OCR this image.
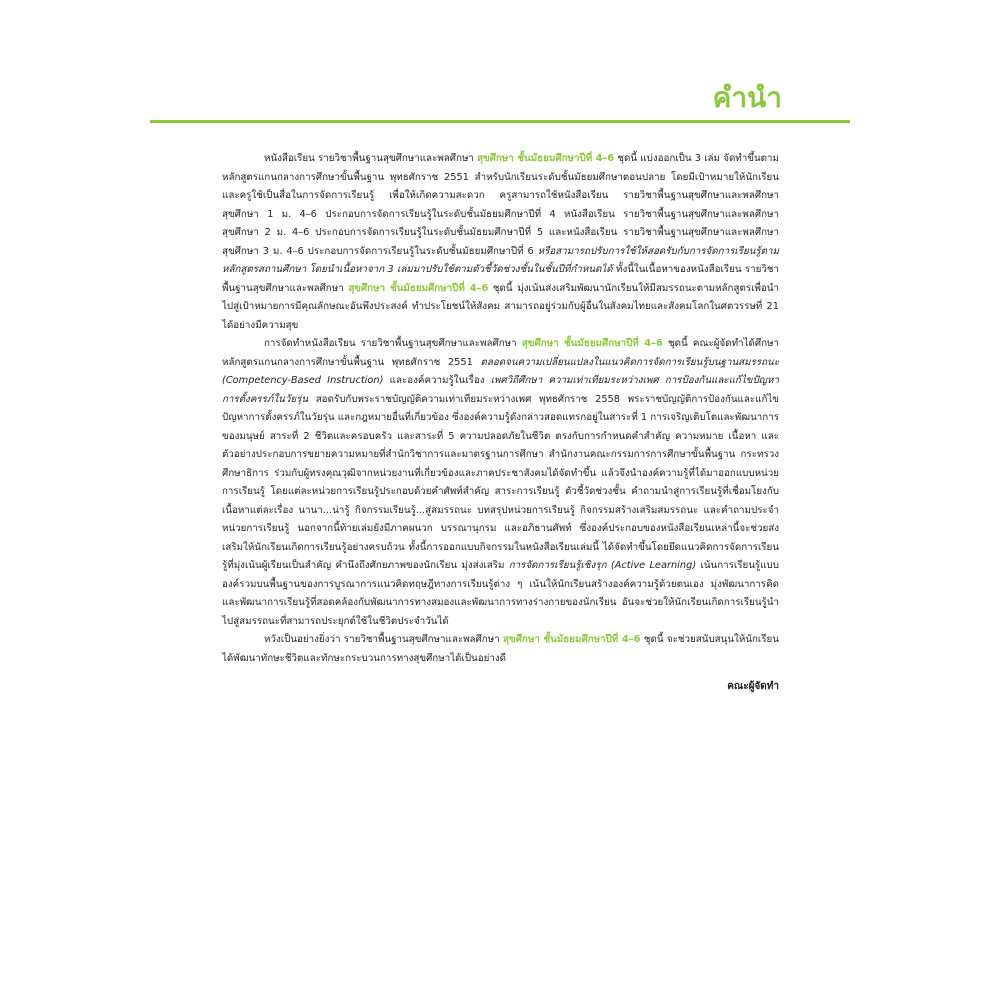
คำนำ

หนังสือเรียน รายวิชาพื้นฐานสุขศึกษาและพลศึกษา สุขศึกษา ชั้นมัธยมศึกษาปีที่ 4–6 ชุดนี้ แบ่งออกเป็น 3 เล่ม จัดทำขึ้นตามหลักสูตรแกนกลางการศึกษาขั้นพื้นฐาน พุทธศักราช 2551 สำหรับนักเรียนระดับชั้นมัธยมศึกษาตอนปลาย โดยมีเป้าหมายให้นักเรียนและครูใช้เป็นสื่อในการจัดการเรียนรู้ เพื่อให้เกิดความสะดวก ครูสามารถใช้หนังสือเรียน รายวิชาพื้นฐานสุขศึกษาและพลศึกษา สุขศึกษา 1 ม. 4–6 ประกอบการจัดการเรียนรู้ในระดับชั้นมัธยมศึกษาปีที่ 4 หนังสือเรียน รายวิชาพื้นฐานสุขศึกษาและพลศึกษา สุขศึกษา 2 ม. 4–6 ประกอบการจัดการเรียนรู้ในระดับชั้นมัธยมศึกษาปีที่ 5 และหนังสือเรียน รายวิชาพื้นฐานสุขศึกษาและพลศึกษา สุขศึกษา 3 ม. 4–6 ประกอบการจัดการเรียนรู้ในระดับชั้นมัธยมศึกษาปีที่ 6 หรือสามารถปรับการใช้ให้สอดรับกับการจัดการเรียนรู้ตามหลักสูตรสถานศึกษา โดยนำเนื้อหาจาก 3 เล่มมาปรับใช้ตามตัวชี้วัดช่วงชั้นในชั้นปีที่กำหนดได้ ทั้งนี้ในเนื้อหาของหนังสือเรียน รายวิชาพื้นฐานสุขศึกษาและพลศึกษา สุขศึกษา ชั้นมัธยมศึกษาปีที่ 4–6 ชุดนี้ มุ่งเน้นส่งเสริมพัฒนานักเรียนให้มีสมรรถนะตามหลักสูตรเพื่อนำไปสู่เป้าหมายการมีคุณลักษณะอันพึงประสงค์ ทำประโยชน์ให้สังคม สามารถอยู่ร่วมกับผู้อื่นในสังคมไทยและสังคมโลกในศตวรรษที่ 21 ได้อย่างมีความสุข

การจัดทำหนังสือเรียน รายวิชาพื้นฐานสุขศึกษาและพลศึกษา สุขศึกษา ชั้นมัธยมศึกษาปีที่ 4–6 ชุดนี้ คณะผู้จัดทำได้ศึกษาหลักสูตรแกนกลางการศึกษาขั้นพื้นฐาน พุทธศักราช 2551 ตลอดจนความเปลี่ยนแปลงในแนวคิดการจัดการเรียนรู้บนฐานสมรรถนะ (Competency-Based Instruction) และองค์ความรู้ในเรื่อง เพศวิถีศึกษา ความเท่าเทียมระหว่างเพศ การป้องกันและแก้ไขปัญหาการตั้งครรภ์ในวัยรุ่น สอดรับกับพระราชบัญญัติความเท่าเทียมระหว่างเพศ พุทธศักราช 2558 พระราชบัญญัติการป้องกันและแก้ไขปัญหาการตั้งครรภ์ในวัยรุ่น และกฎหมายอื่นที่เกี่ยวข้อง ซึ่งองค์ความรู้ดังกล่าวสอดแทรกอยู่ในสาระที่ 1 การเจริญเติบโตและพัฒนาการของมนุษย์ สาระที่ 2 ชีวิตและครอบครัว และสาระที่ 5 ความปลอดภัยในชีวิต ตรงกับการกำหนดคำสำคัญ ความหมาย เนื้อหา และตัวอย่างประกอบการขยายความหมายที่สำนักวิชาการและมาตรฐานการศึกษา สำนักงานคณะกรรมการการศึกษาขั้นพื้นฐาน กระทรวงศึกษาธิการ ร่วมกับผู้ทรงคุณวุฒิจากหน่วยงานที่เกี่ยวข้องและภาคประชาสังคมได้จัดทำขึ้น แล้วจึงนำองค์ความรู้ที่ได้มาออกแบบหน่วยการเรียนรู้ โดยแต่ละหน่วยการเรียนรู้ประกอบด้วยคำศัพท์สำคัญ สาระการเรียนรู้ ตัวชี้วัดช่วงชั้น คำถามนำสู่การเรียนรู้ที่เชื่อมโยงกับเนื้อหาแต่ละเรื่อง นานา...น่ารู้ กิจกรรมเรียนรู้...สู่สมรรถนะ บทสรุปหน่วยการเรียนรู้ กิจกรรมสร้างเสริมสมรรถนะ และคำถามประจำหน่วยการเรียนรู้ นอกจากนี้ท้ายเล่มยังมีภาคผนวก บรรณานุกรม และอภิธานศัพท์ ซึ่งองค์ประกอบของหนังสือเรียนเหล่านี้จะช่วยส่งเสริมให้นักเรียนเกิดการเรียนรู้อย่างครบถ้วน ทั้งนี้การออกแบบกิจกรรมในหนังสือเรียนเล่มนี้ ได้จัดทำขึ้นโดยยึดแนวคิดการจัดการเรียนรู้ที่มุ่งเน้นผู้เรียนเป็นสำคัญ คำนึงถึงศักยภาพของนักเรียน มุ่งส่งเสริม การจัดการเรียนรู้เชิงรุก (Active Learning) เน้นการเรียนรู้แบบองค์รวมบนพื้นฐานของการบูรณาการแนวคิดทฤษฎีทางการเรียนรู้ต่าง ๆ เน้นให้นักเรียนสร้างองค์ความรู้ด้วยตนเอง มุ่งพัฒนาการคิด และพัฒนาการเรียนรู้ที่สอดคล้องกับพัฒนาการทางสมองและพัฒนาการทางร่างกายของนักเรียน อันจะช่วยให้นักเรียนเกิดการเรียนรู้นำไปสู่สมรรถนะที่สามารถประยุกต์ใช้ในชีวิตประจำวันได้

หวังเป็นอย่างยิ่งว่า รายวิชาพื้นฐานสุขศึกษาและพลศึกษา สุขศึกษา ชั้นมัธยมศึกษาปีที่ 4–6 ชุดนี้ จะช่วยสนับสนุนให้นักเรียนได้พัฒนาทักษะชีวิตและทักษะกระบวนการทางสุขศึกษาได้เป็นอย่างดี

คณะผู้จัดทำ
